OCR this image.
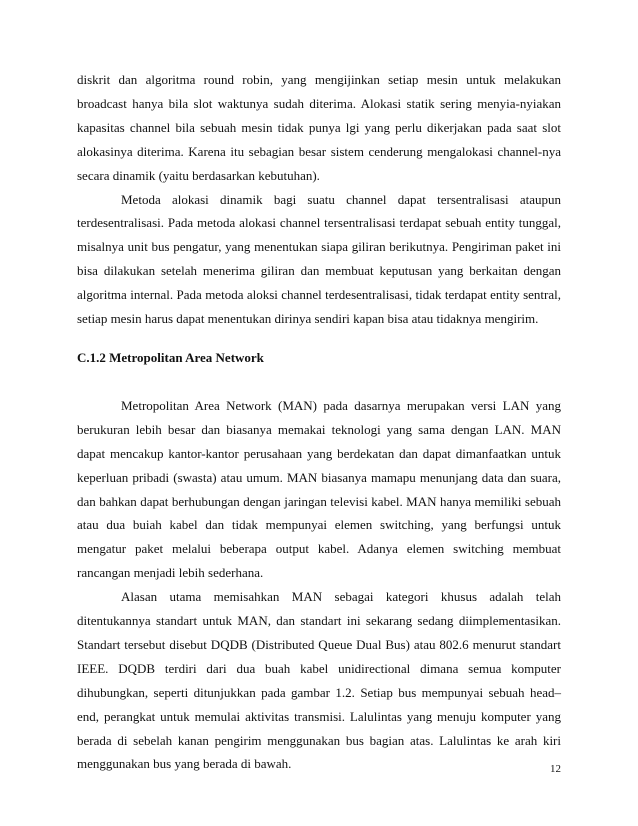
diskrit dan algoritma round robin, yang mengijinkan setiap mesin untuk melakukan broadcast hanya bila slot waktunya sudah diterima. Alokasi statik sering menyia-nyiakan kapasitas channel bila sebuah mesin tidak punya lgi yang perlu dikerjakan pada saat slot alokasinya diterima. Karena itu sebagian besar sistem cenderung mengalokasi channel-nya secara dinamik (yaitu berdasarkan kebutuhan).

Metoda alokasi dinamik bagi suatu channel dapat tersentralisasi ataupun terdesentralisasi. Pada metoda alokasi channel tersentralisasi terdapat sebuah entity tunggal, misalnya unit bus pengatur, yang menentukan siapa giliran berikutnya. Pengiriman paket ini bisa dilakukan setelah menerima giliran dan membuat keputusan yang berkaitan dengan algoritma internal. Pada metoda aloksi channel terdesentralisasi, tidak terdapat entity sentral, setiap mesin harus dapat menentukan dirinya sendiri kapan bisa atau tidaknya mengirim.

C.1.2 Metropolitan Area Network

Metropolitan Area Network (MAN) pada dasarnya merupakan versi LAN yang berukuran lebih besar dan biasanya memakai teknologi yang sama dengan LAN. MAN dapat mencakup kantor-kantor perusahaan yang berdekatan dan dapat dimanfaatkan untuk keperluan pribadi (swasta) atau umum. MAN biasanya mamapu menunjang data dan suara, dan bahkan dapat berhubungan dengan jaringan televisi kabel. MAN hanya memiliki sebuah atau dua buiah kabel dan tidak mempunyai elemen switching, yang berfungsi untuk mengatur paket melalui beberapa output kabel. Adanya elemen switching membuat rancangan menjadi lebih sederhana.

Alasan utama memisahkan MAN sebagai kategori khusus adalah telah ditentukannya standart untuk MAN, dan standart ini sekarang sedang diimplementasikan. Standart tersebut disebut DQDB (Distributed Queue Dual Bus) atau 802.6 menurut standart IEEE. DQDB terdiri dari dua buah kabel unidirectional dimana semua komputer dihubungkan, seperti ditunjukkan pada gambar 1.2. Setiap bus mempunyai sebuah head–end, perangkat untuk memulai aktivitas transmisi. Lalulintas yang menuju komputer yang berada di sebelah kanan pengirim menggunakan bus bagian atas. Lalulintas ke arah kiri menggunakan bus yang berada di bawah.	12
